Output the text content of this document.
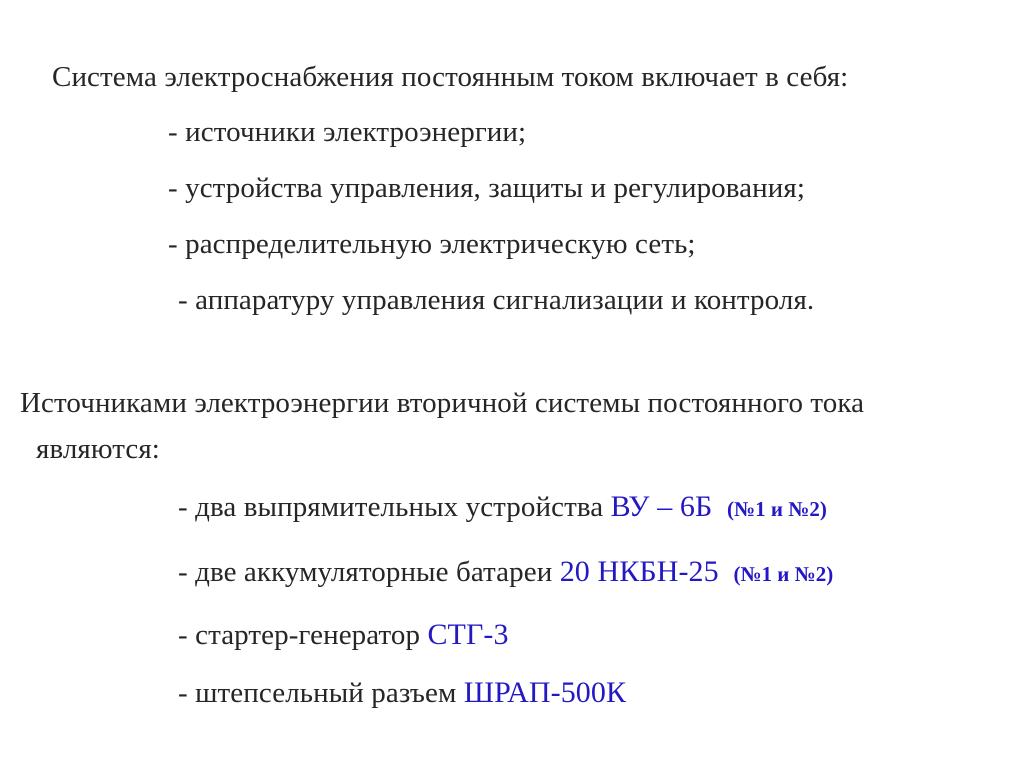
Система электроснабжения постоянным током включает в себя:
- источники электроэнергии;
- устройства управления, защиты и регулирования;
- распределительную электрическую сеть;
- аппаратуру управления сигнализации и контроля.
Источниками электроэнергии вторичной системы постоянного тока
являются:
- два выпрямительных устройства ВУ – 6Б (№1 и №2)
- две аккумуляторные батареи 20 НКБН-25 (№1 и №2)
- стартер-генератор СТГ-3
- штепсельный разъем ШРАП-500К
